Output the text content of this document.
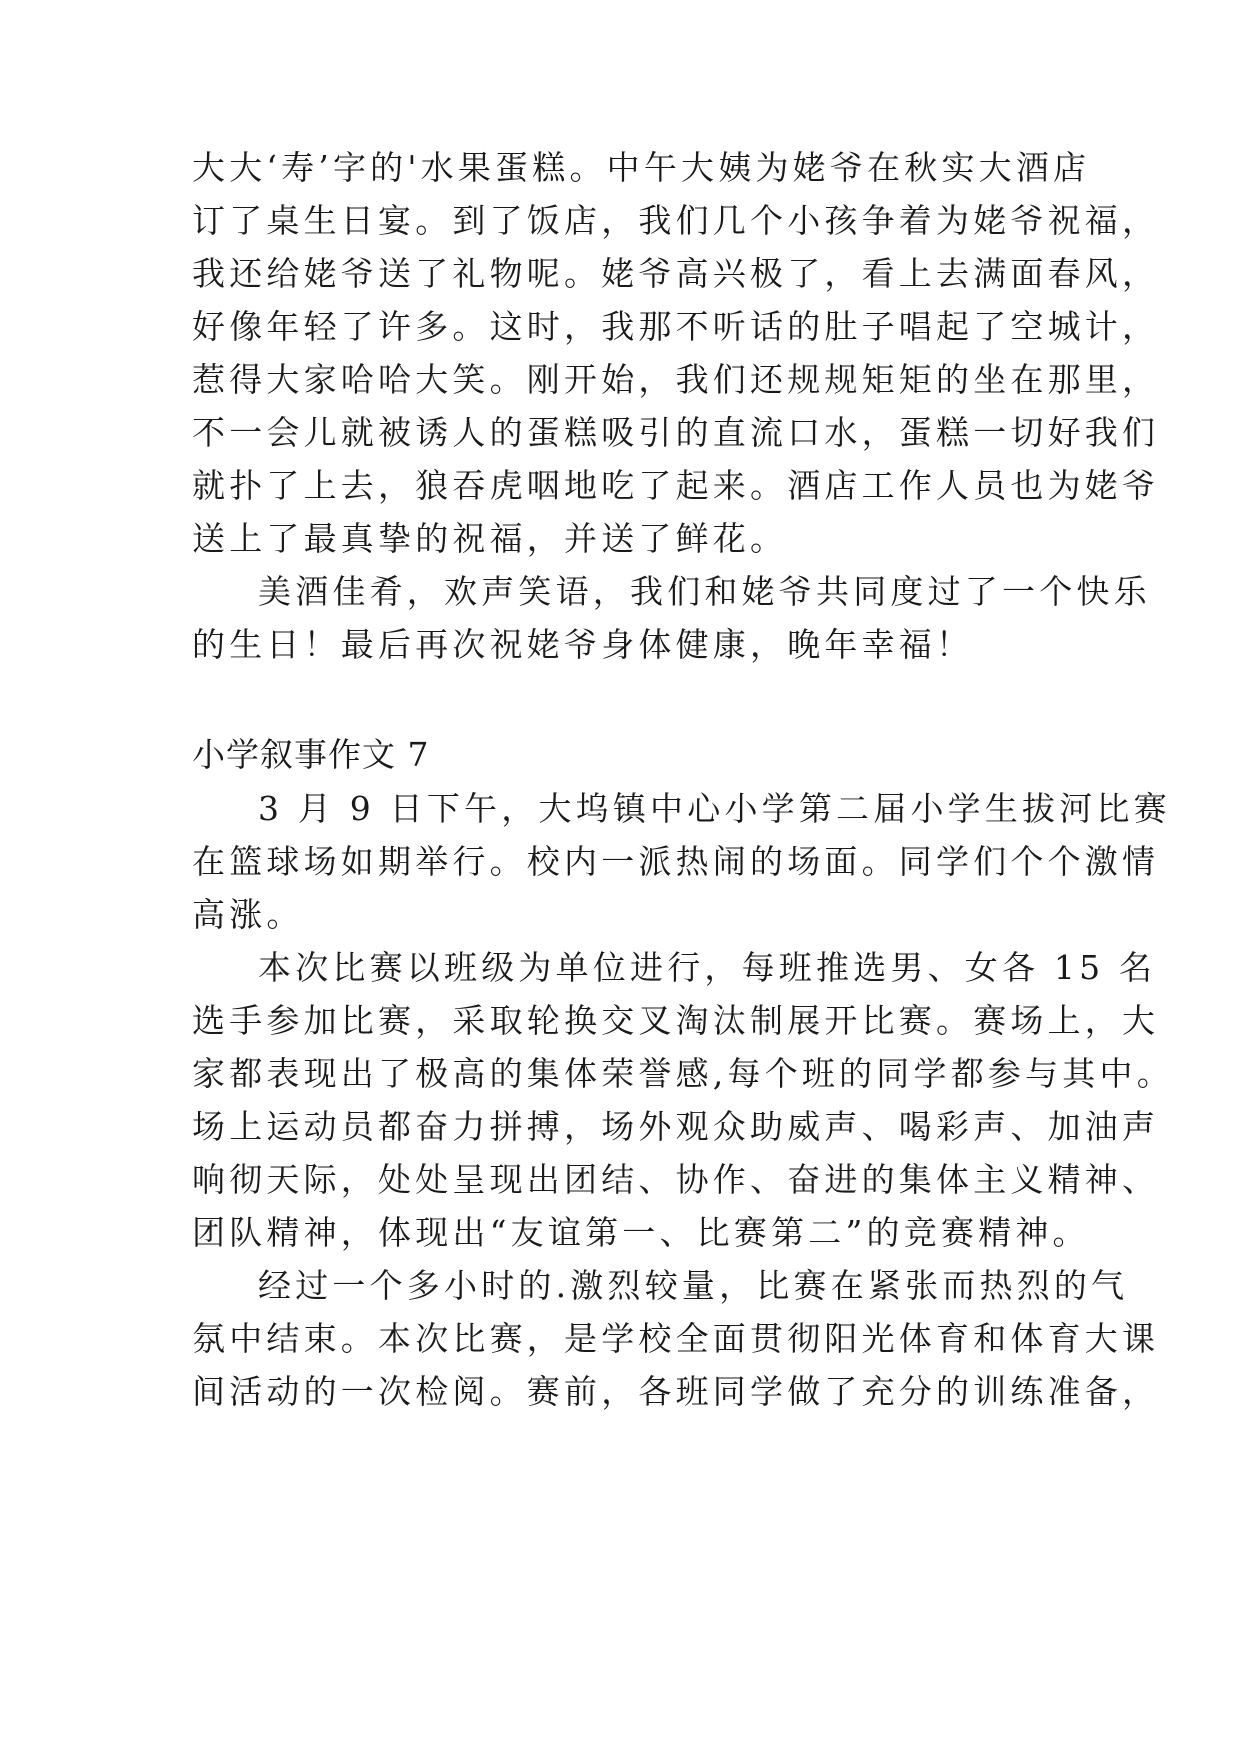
大大‘寿’字的'水果蛋糕。中午大姨为姥爷在秋实大酒店
订了桌生日宴。到了饭店，我们几个小孩争着为姥爷祝福，
我还给姥爷送了礼物呢。姥爷高兴极了，看上去满面春风，
好像年轻了许多。这时，我那不听话的肚子唱起了空城计，
惹得大家哈哈大笑。刚开始，我们还规规矩矩的坐在那里，
不一会儿就被诱人的蛋糕吸引的直流口水，蛋糕一切好我们
就扑了上去，狼吞虎咽地吃了起来。酒店工作人员也为姥爷
送上了最真挚的祝福，并送了鲜花。
美酒佳肴，欢声笑语，我们和姥爷共同度过了一个快乐
的生日！最后再次祝姥爷身体健康，晚年幸福！
小学叙事作文 7
3 月 9 日下午，大坞镇中心小学第二届小学生拔河比赛
在篮球场如期举行。校内一派热闹的场面。同学们个个激情
高涨。
本次比赛以班级为单位进行，每班推选男、女各 15 名
选手参加比赛，采取轮换交叉淘汰制展开比赛。赛场上，大
家都表现出了极高的集体荣誉感,每个班的同学都参与其中。
场上运动员都奋力拼搏，场外观众助威声、喝彩声、加油声
响彻天际，处处呈现出团结、协作、奋进的集体主义精神、
团队精神，体现出“友谊第一、比赛第二”的竞赛精神。
经过一个多小时的.激烈较量，比赛在紧张而热烈的气
氛中结束。本次比赛，是学校全面贯彻阳光体育和体育大课
间活动的一次检阅。赛前，各班同学做了充分的训练准备，
